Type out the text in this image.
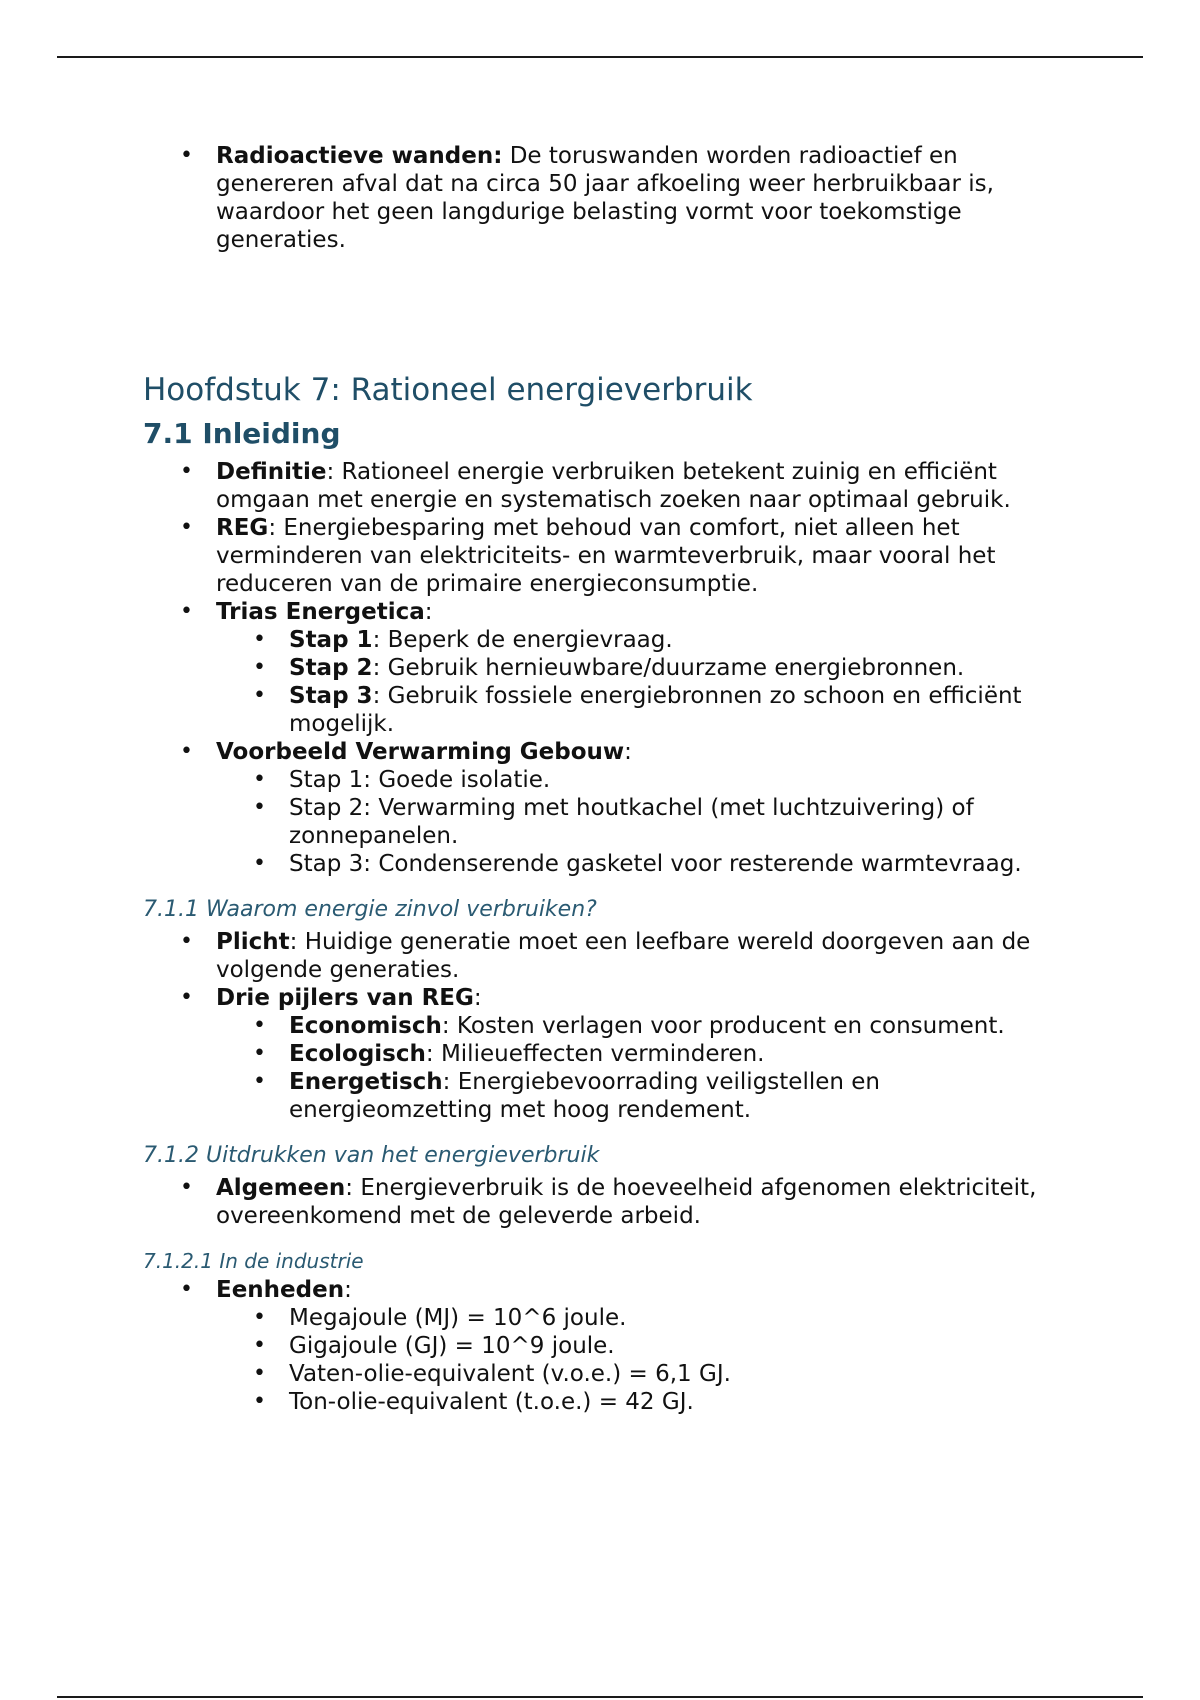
• Radioactieve wanden: De toruswanden worden radioactief en genereren afval dat na circa 50 jaar afkoeling weer herbruikbaar is, waardoor het geen langdurige belasting vormt voor toekomstige generaties.
Hoofdstuk 7: Rationeel energieverbruik
7.1 Inleiding
• Definitie: Rationeel energie verbruiken betekent zuinig en efficiënt omgaan met energie en systematisch zoeken naar optimaal gebruik.
• REG: Energiebesparing met behoud van comfort, niet alleen het verminderen van elektriciteits- en warmteverbruik, maar vooral het reduceren van de primaire energieconsumptie.
• Trias Energetica:
• Stap 1: Beperk de energievraag.
• Stap 2: Gebruik hernieuwbare/duurzame energiebronnen.
• Stap 3: Gebruik fossiele energiebronnen zo schoon en efficiënt mogelijk.
• Voorbeeld Verwarming Gebouw:
• Stap 1: Goede isolatie.
• Stap 2: Verwarming met houtkachel (met luchtzuivering) of zonnepanelen.
• Stap 3: Condenserende gasketel voor resterende warmtevraag.
7.1.1 Waarom energie zinvol verbruiken?
• Plicht: Huidige generatie moet een leefbare wereld doorgeven aan de volgende generaties.
• Drie pijlers van REG:
• Economisch: Kosten verlagen voor producent en consument.
• Ecologisch: Milieueffecten verminderen.
• Energetisch: Energiebevoorrading veiligstellen en energieomzetting met hoog rendement.
7.1.2 Uitdrukken van het energieverbruik
• Algemeen: Energieverbruik is de hoeveelheid afgenomen elektriciteit, overeenkomend met de geleverde arbeid.
7.1.2.1 In de industrie
• Eenheden:
• Megajoule (MJ) = 10^6 joule.
• Gigajoule (GJ) = 10^9 joule.
• Vaten-olie-equivalent (v.o.e.) = 6,1 GJ.
• Ton-olie-equivalent (t.o.e.) = 42 GJ.
